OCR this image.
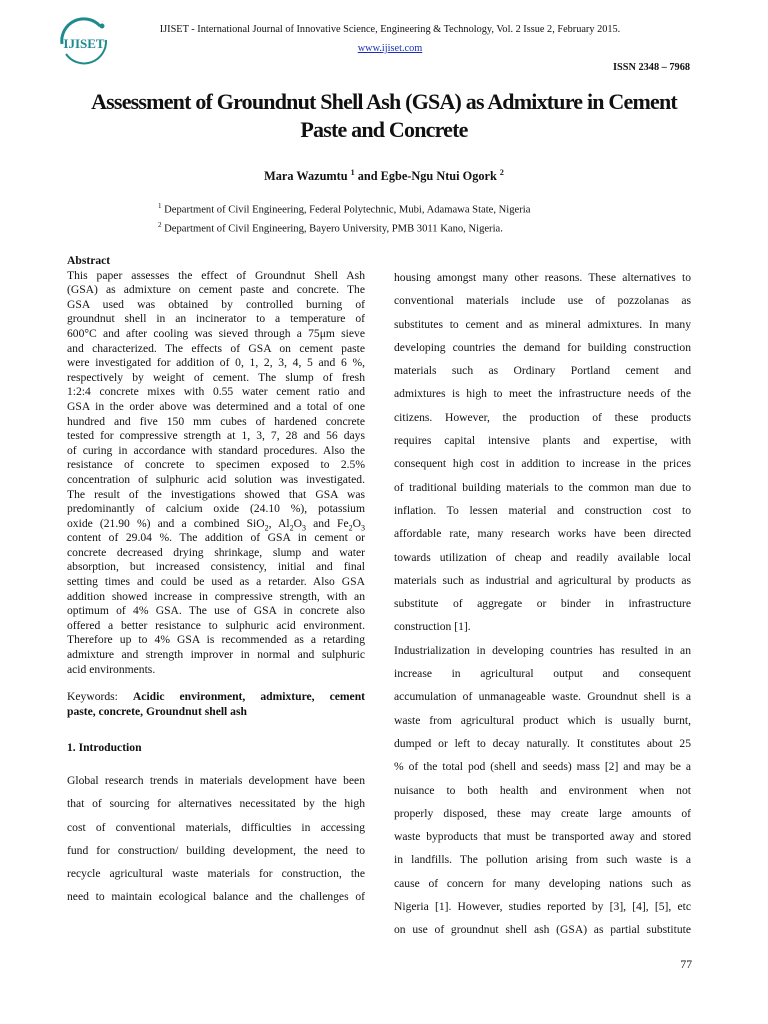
IJISET
IJISET - International Journal of Innovative Science, Engineering & Technology, Vol. 2 Issue 2, February 2015.
www.ijiset.com
ISSN 2348 – 7968
Assessment of Groundnut Shell Ash (GSA) as Admixture in Cement
Paste and Concrete
Mara Wazumtu $^1$ and Egbe-Ngu Ntui Ogork $^2$
$^1$ Department of Civil Engineering, Federal Polytechnic, Mubi, Adamawa State, Nigeria
$^2$ Department of Civil Engineering, Bayero University, PMB 3011 Kano, Nigeria.
Abstract
This paper assesses the effect of Groundnut Shell Ash
(GSA) as admixture on cement paste and concrete. The
GSA used was obtained by controlled burning of
groundnut shell in an incinerator to a temperature of
600°C and after cooling was sieved through a 75μm sieve
and characterized. The effects of GSA on cement paste
were investigated for addition of 0, 1, 2, 3, 4, 5 and 6 %,
respectively by weight of cement. The slump of fresh
1:2:4 concrete mixes with 0.55 water cement ratio and
GSA in the order above was determined and a total of one
hundred and five 150 mm cubes of hardened concrete
tested for compressive strength at 1, 3, 7, 28 and 56 days
of curing in accordance with standard procedures. Also the
resistance of concrete to specimen exposed to 2.5%
concentration of sulphuric acid solution was investigated.
The result of the investigations showed that GSA was
predominantly of calcium oxide (24.10 %), potassium
oxide (21.90 %) and a combined SiO$_2$, $Al_2O_3$ and $Fe_2O_3$
content of 29.04 %. The addition of GSA in cement or
concrete decreased drying shrinkage, slump and water
absorption, but increased consistency, initial and final
setting times and could be used as a retarder. Also GSA
addition showed increase in compressive strength, with an
optimum of 4% GSA. The use of GSA in concrete also
offered a better resistance to sulphuric acid environment.
Therefore up to 4% GSA is recommended as a retarding
admixture and strength improver in normal and sulphuric
acid environments.
Keywords: Acidic environment, admixture, cement
paste, concrete, Groundnut shell ash
1. Introduction
Global research trends in materials development have been
that of sourcing for alternatives necessitated by the high
cost of conventional materials, difficulties in accessing
fund for construction/ building development, the need to
recycle agricultural waste materials for construction, the
need to maintain ecological balance and the challenges of
housing amongst many other reasons. These alternatives to
conventional materials include use of pozzolanas as
substitutes to cement and as mineral admixtures. In many
developing countries the demand for building construction
materials such as Ordinary Portland cement and
admixtures is high to meet the infrastructure needs of the
citizens. However, the production of these products
requires capital intensive plants and expertise, with
consequent high cost in addition to increase in the prices
of traditional building materials to the common man due to
inflation. To lessen material and construction cost to
affordable rate, many research works have been directed
towards utilization of cheap and readily available local
materials such as industrial and agricultural by products as
substitute of aggregate or binder in infrastructure
construction [1].
Industrialization in developing countries has resulted in an
increase in agricultural output and consequent
accumulation of unmanageable waste. Groundnut shell is a
waste from agricultural product which is usually burnt,
dumped or left to decay naturally. It constitutes about 25
% of the total pod (shell and seeds) mass [2] and may be a
nuisance to both health and environment when not
properly disposed, these may create large amounts of
waste byproducts that must be transported away and stored
in landfills. The pollution arising from such waste is a
cause of concern for many developing nations such as
Nigeria [1]. However, studies reported by [3], [4], [5], etc
on use of groundnut shell ash (GSA) as partial substitute
77
